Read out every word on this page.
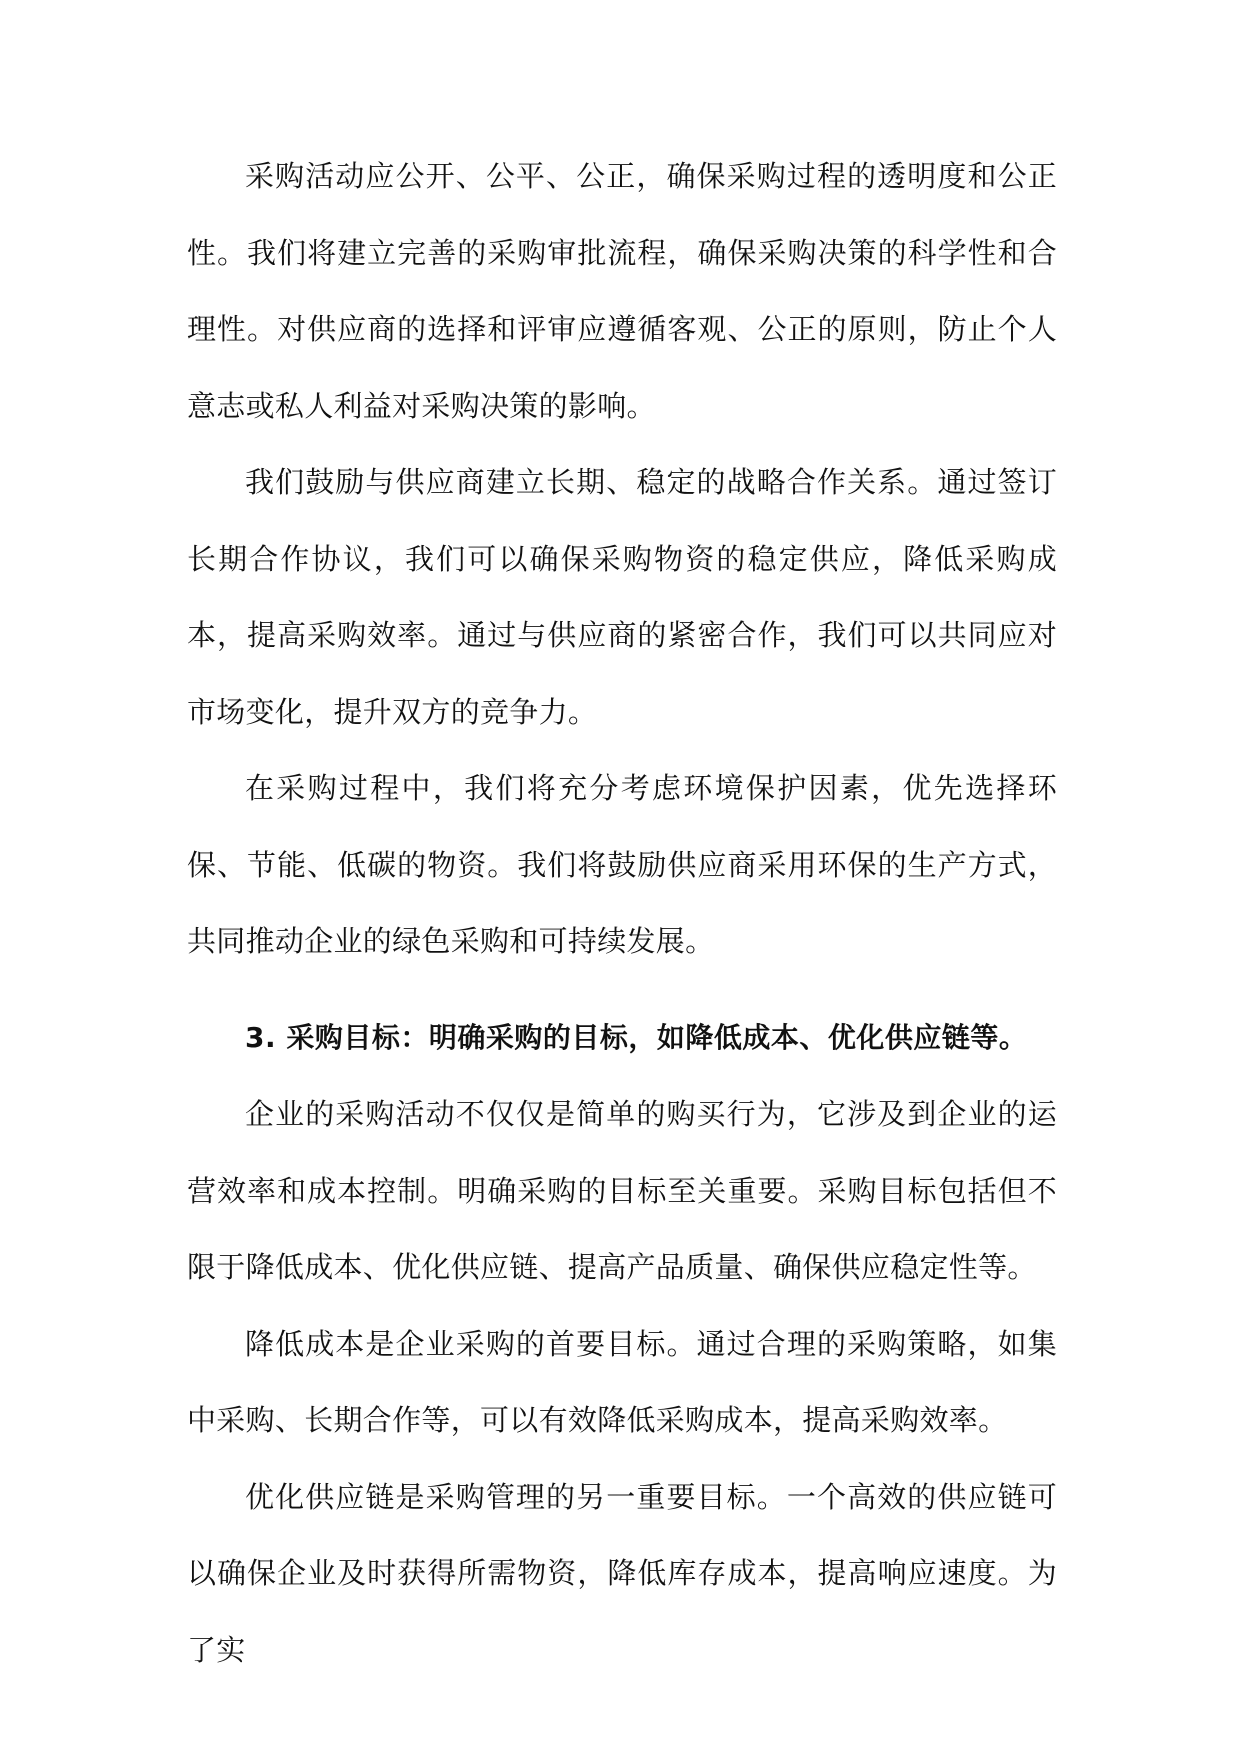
采购活动应公开、公平、公正，确保采购过程的透明度和公正性。我们将建立完善的采购审批流程，确保采购决策的科学性和合理性。对供应商的选择和评审应遵循客观、公正的原则，防止个人意志或私人利益对采购决策的影响。

我们鼓励与供应商建立长期、稳定的战略合作关系。通过签订长期合作协议，我们可以确保采购物资的稳定供应，降低采购成本，提高采购效率。通过与供应商的紧密合作，我们可以共同应对市场变化，提升双方的竞争力。

在采购过程中，我们将充分考虑环境保护因素，优先选择环保、节能、低碳的物资。我们将鼓励供应商采用环保的生产方式，共同推动企业的绿色采购和可持续发展。

3. 采购目标：明确采购的目标，如降低成本、优化供应链等。

企业的采购活动不仅仅是简单的购买行为，它涉及到企业的运营效率和成本控制。明确采购的目标至关重要。采购目标包括但不限于降低成本、优化供应链、提高产品质量、确保供应稳定性等。

降低成本是企业采购的首要目标。通过合理的采购策略，如集中采购、长期合作等，可以有效降低采购成本，提高采购效率。

优化供应链是采购管理的另一重要目标。一个高效的供应链可以确保企业及时获得所需物资，降低库存成本，提高响应速度。为了实
